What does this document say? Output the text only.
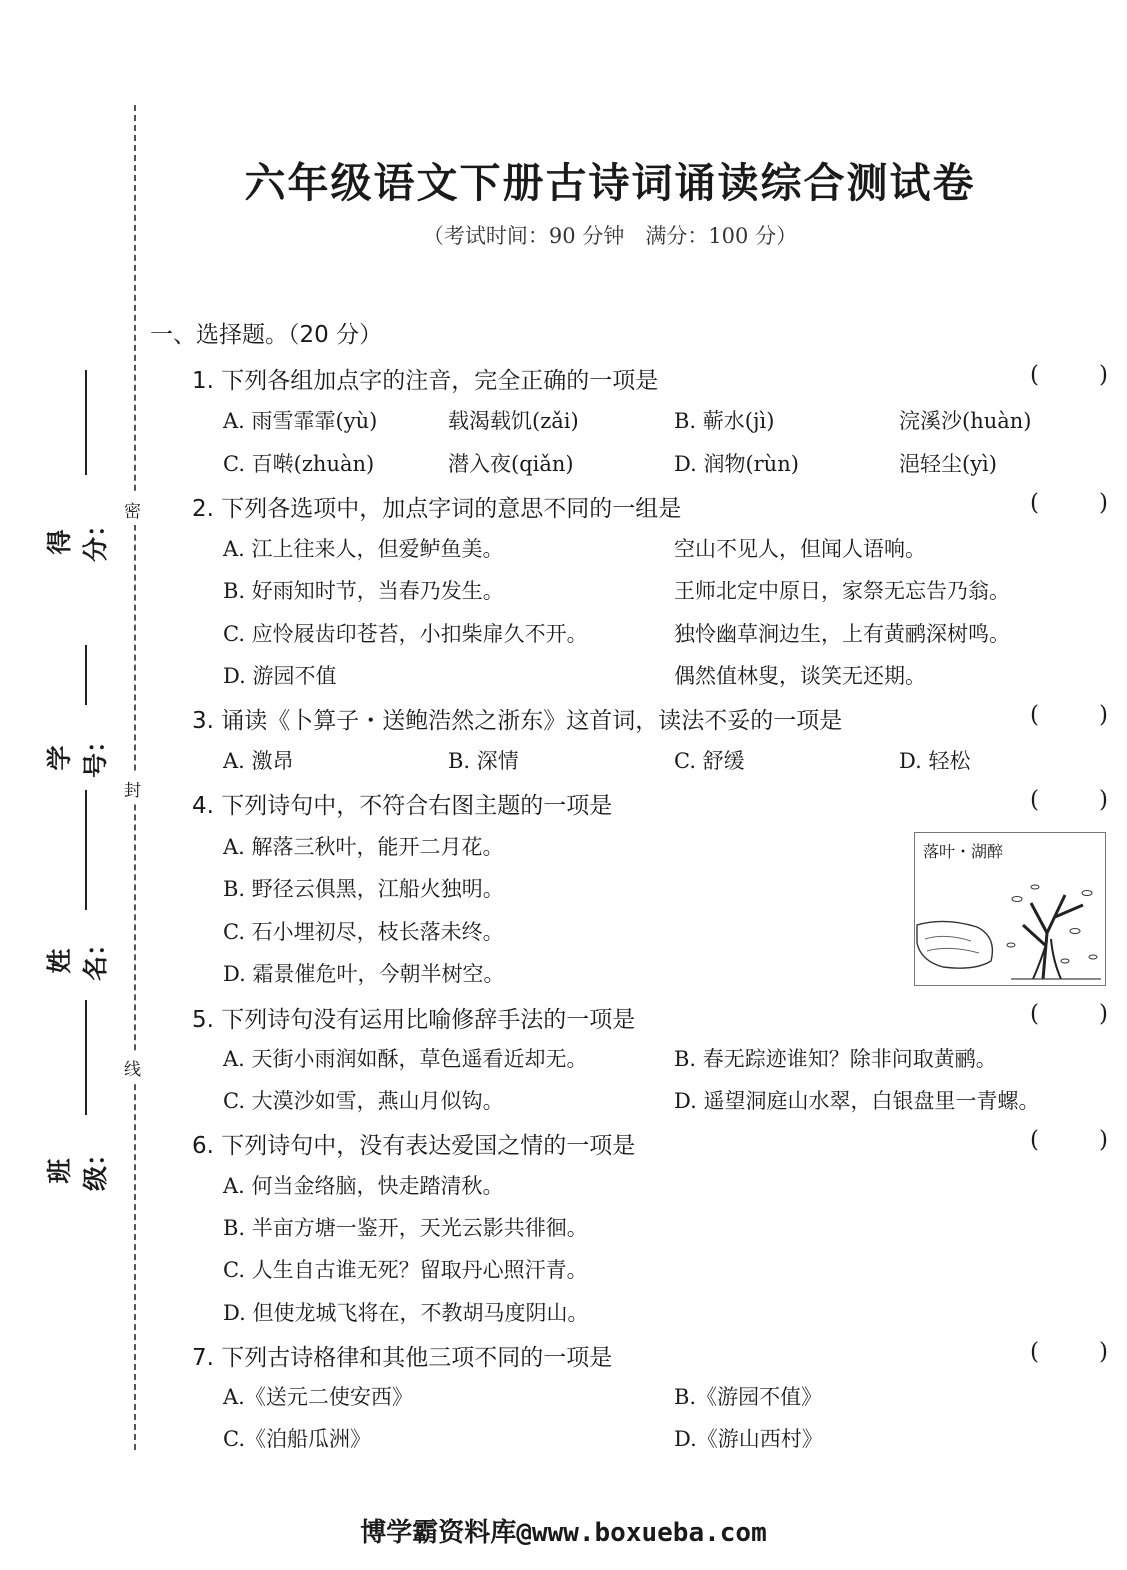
密
封
线
得分：
学号：
姓名：
班级：
六年级语文下册古诗词诵读综合测试卷
（考试时间：90 分钟　满分：100 分）
一、选择题。（20 分）
1. 下列各组加点字的注音，完全正确的一项是	(	)
A. 雨雪霏霏(yù)	载渴载饥(zǎi)	B. 蕲水(jì)	浣溪沙(huàn)
C. 百啭(zhuàn)	潜入夜(qiǎn)	D. 润物(rùn)	浥轻尘(yì)
2. 下列各选项中，加点字词的意思不同的一组是	(	)
A. 江上往来人，但爱鲈鱼美。	空山不见人，但闻人语响。
B. 好雨知时节，当春乃发生。	王师北定中原日，家祭无忘告乃翁。
C. 应怜屐齿印苍苔，小扣柴扉久不开。	独怜幽草涧边生，上有黄鹂深树鸣。
D. 游园不值	偶然值林叟，谈笑无还期。
3. 诵读《卜算子・送鲍浩然之浙东》这首词，读法不妥的一项是	(	)
A. 激昂	B. 深情	C. 舒缓	D. 轻松
4. 下列诗句中，不符合右图主题的一项是	(	)
A. 解落三秋叶，能开二月花。
B. 野径云俱黑，江船火独明。
C. 石小埋初尽，枝长落未终。
D. 霜景催危叶，今朝半树空。
落叶・湖醉
5. 下列诗句没有运用比喻修辞手法的一项是	(	)
A. 天街小雨润如酥，草色遥看近却无。	B. 春无踪迹谁知？除非问取黄鹂。
C. 大漠沙如雪，燕山月似钩。	D. 遥望洞庭山水翠，白银盘里一青螺。
6. 下列诗句中，没有表达爱国之情的一项是	(	)
A. 何当金络脑，快走踏清秋。
B. 半亩方塘一鉴开，天光云影共徘徊。
C. 人生自古谁无死？留取丹心照汗青。
D. 但使龙城飞将在，不教胡马度阴山。
7. 下列古诗格律和其他三项不同的一项是	(	)
A.《送元二使安西》	B.《游园不值》
C.《泊船瓜洲》	D.《游山西村》
博学霸资料库@www.boxueba.com
